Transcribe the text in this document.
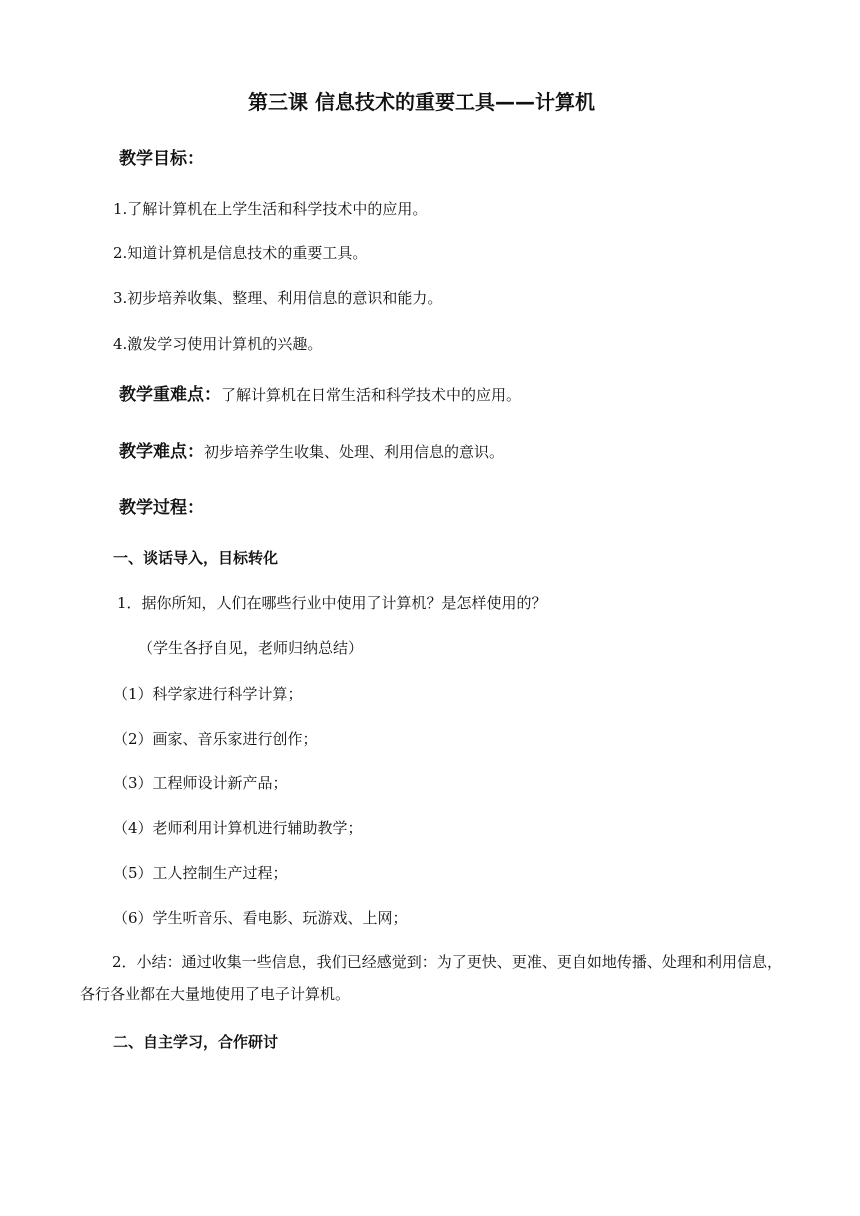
第三课 信息技术的重要工具——计算机
教学目标：
1.了解计算机在上学生活和科学技术中的应用。
2.知道计算机是信息技术的重要工具。
3.初步培养收集、整理、利用信息的意识和能力。
4.激发学习使用计算机的兴趣。
教学重难点：了解计算机在日常生活和科学技术中的应用。
教学难点：初步培养学生收集、处理、利用信息的意识。
教学过程：
一、谈话导入，目标转化
1．据你所知，人们在哪些行业中使用了计算机？是怎样使用的？
（学生各抒自见，老师归纳总结）
（1）科学家进行科学计算；
（2）画家、音乐家进行创作；
（3）工程师设计新产品；
（4）老师利用计算机进行辅助教学；
（5）工人控制生产过程；
（6）学生听音乐、看电影、玩游戏、上网；
2．小结：通过收集一些信息，我们已经感觉到：为了更快、更准、更自如地传播、处理和利用信息，各行各业都在大量地使用了电子计算机。
二、自主学习，合作研讨
